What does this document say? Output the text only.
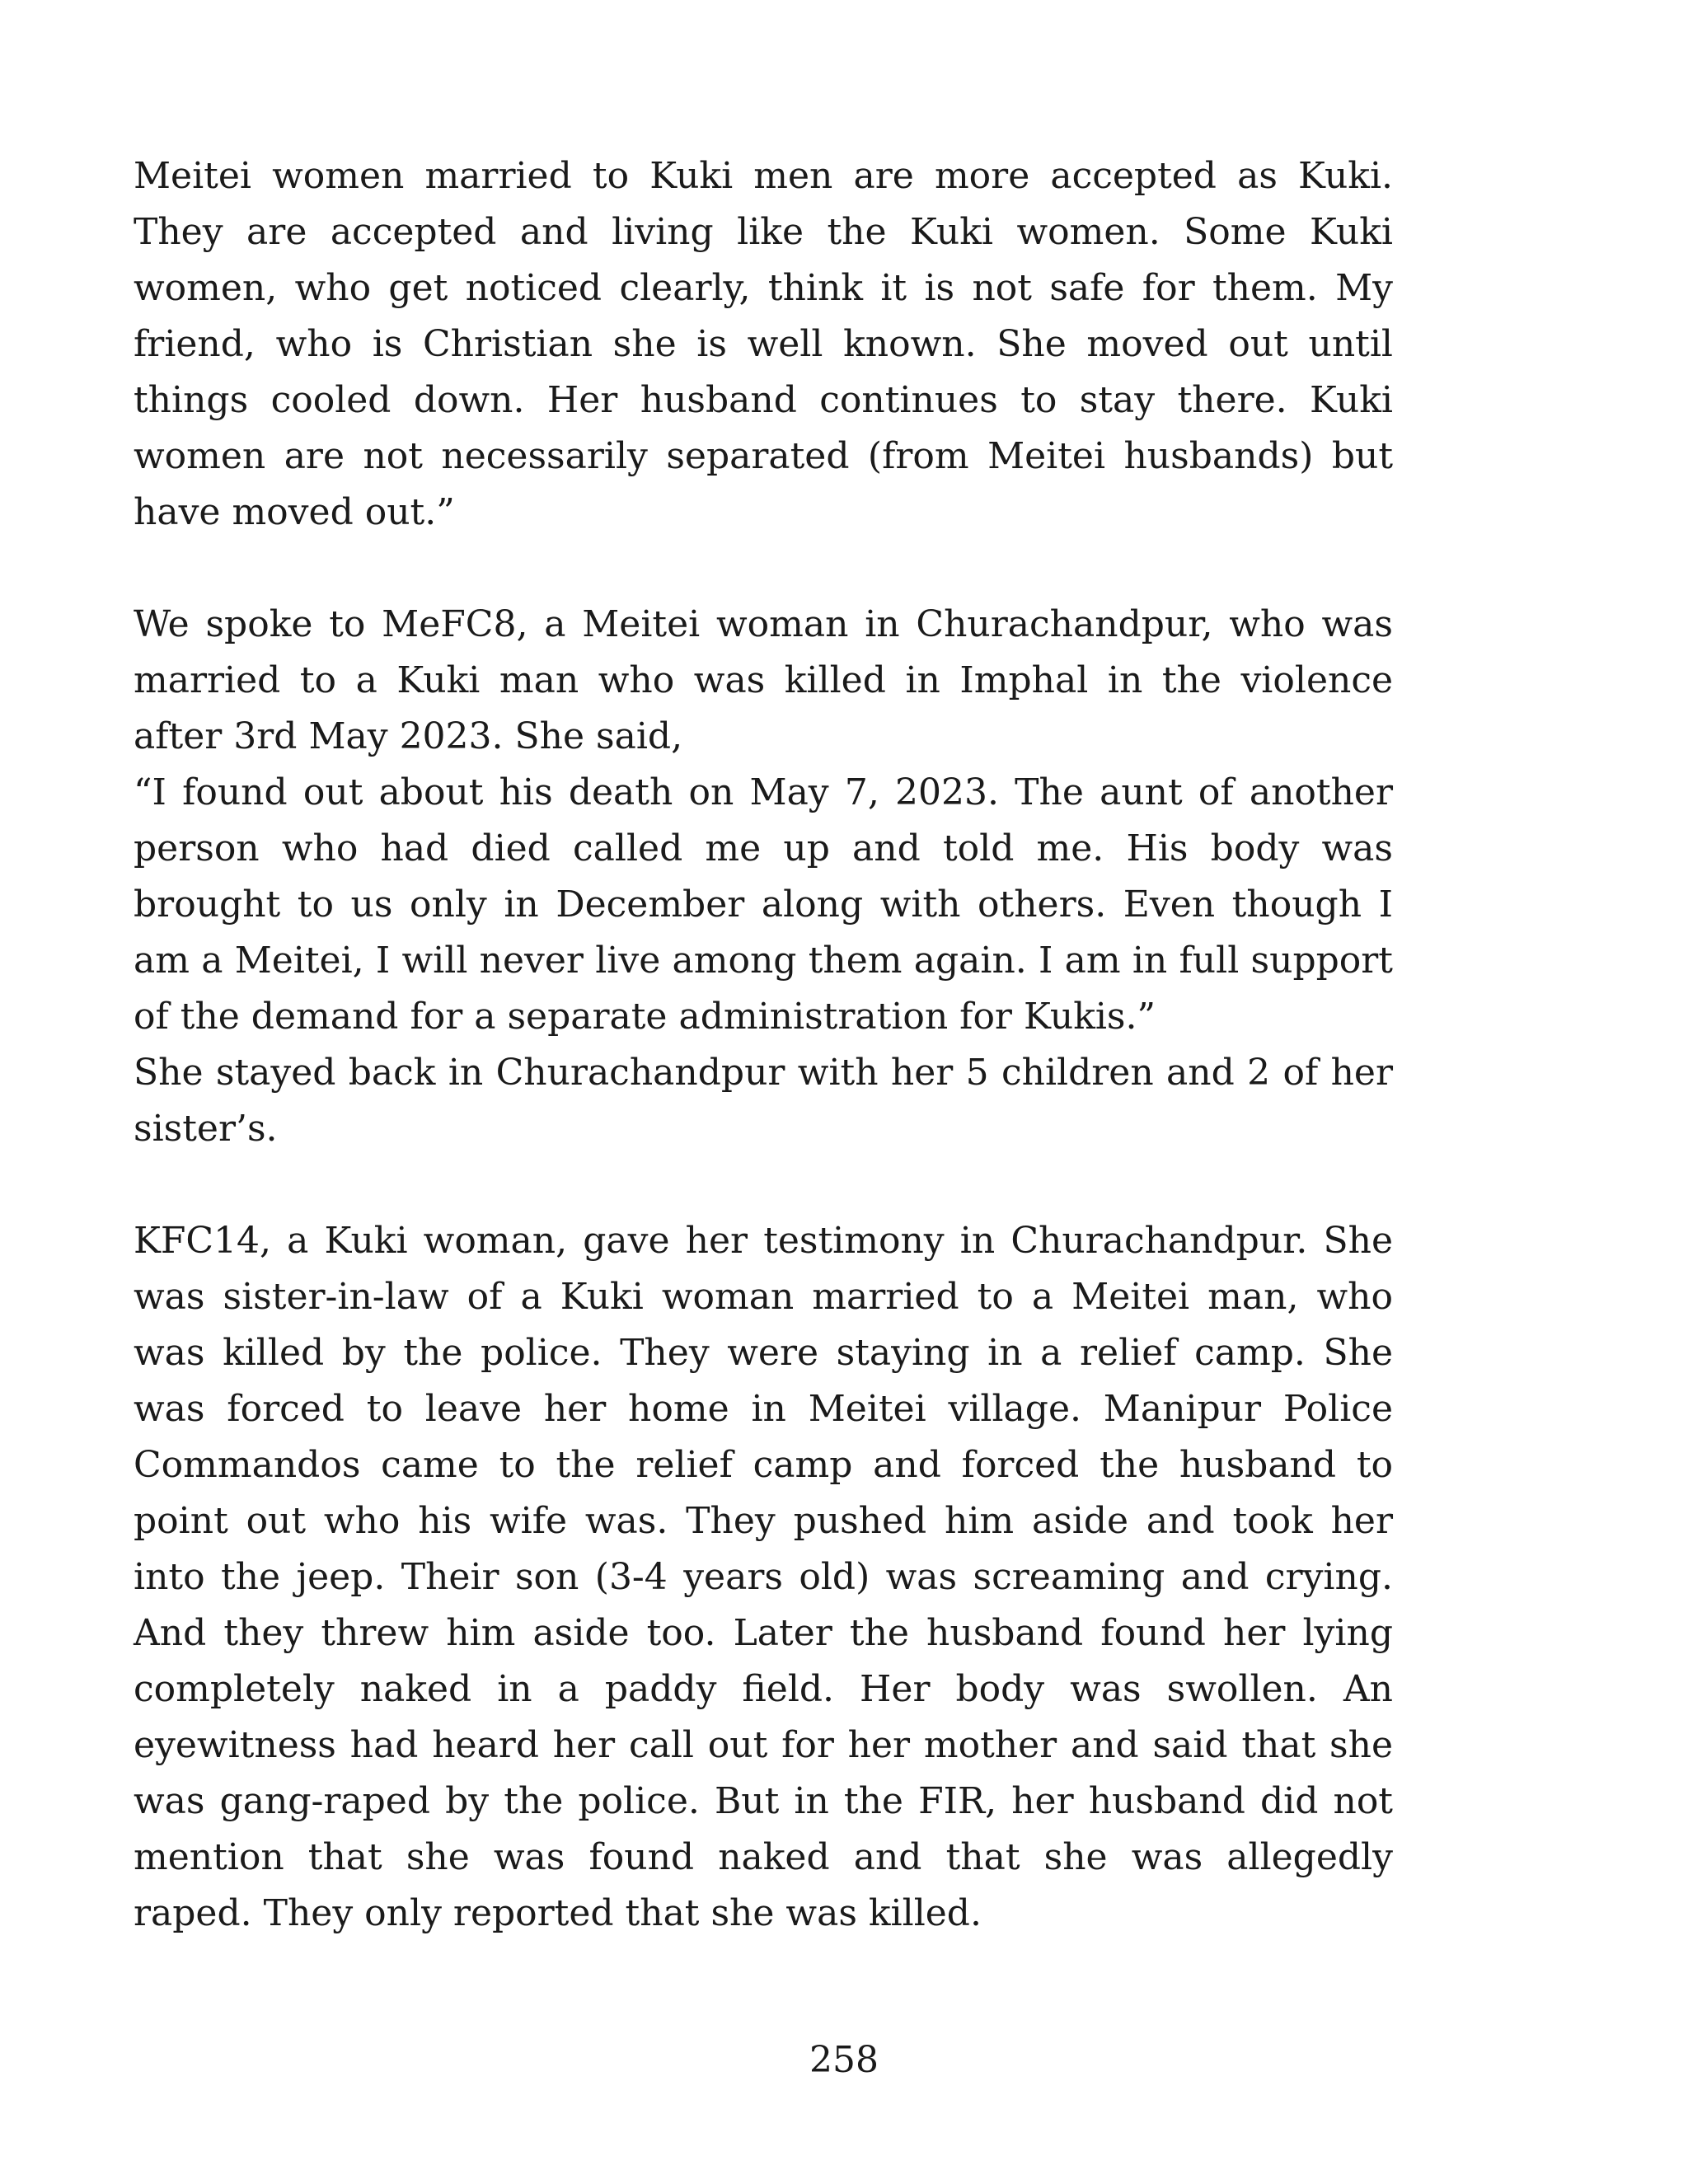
Meitei women married to Kuki men are more accepted as Kuki. They are accepted and living like the Kuki women. Some Kuki women, who get noticed clearly, think it is not safe for them. My friend, who is Christian she is well known. She moved out until things cooled down. Her husband continues to stay there. Kuki women are not necessarily separated (from Meitei husbands) but have moved out.”

We spoke to MeFC8, a Meitei woman in Churachandpur, who was married to a Kuki man who was killed in Imphal in the violence after 3rd May 2023. She said,

“I found out about his death on May 7, 2023. The aunt of another person who had died called me up and told me. His body was brought to us only in December along with others. Even though I am a Meitei, I will never live among them again. I am in full support of the demand for a separate administration for Kukis.”

She stayed back in Churachandpur with her 5 children and 2 of her sister’s.

KFC14, a Kuki woman, gave her testimony in Churachandpur. She was sister-in-law of a Kuki woman married to a Meitei man, who was killed by the police. They were staying in a relief camp. She was forced to leave her home in Meitei village. Manipur Police Commandos came to the relief camp and forced the husband to point out who his wife was. They pushed him aside and took her into the jeep. Their son (3-4 years old) was screaming and crying. And they threw him aside too. Later the husband found her lying completely naked in a paddy field. Her body was swollen. An eyewitness had heard her call out for her mother and said that she was gang-raped by the police. But in the FIR, her husband did not mention that she was found naked and that she was allegedly raped. They only reported that she was killed.

258
